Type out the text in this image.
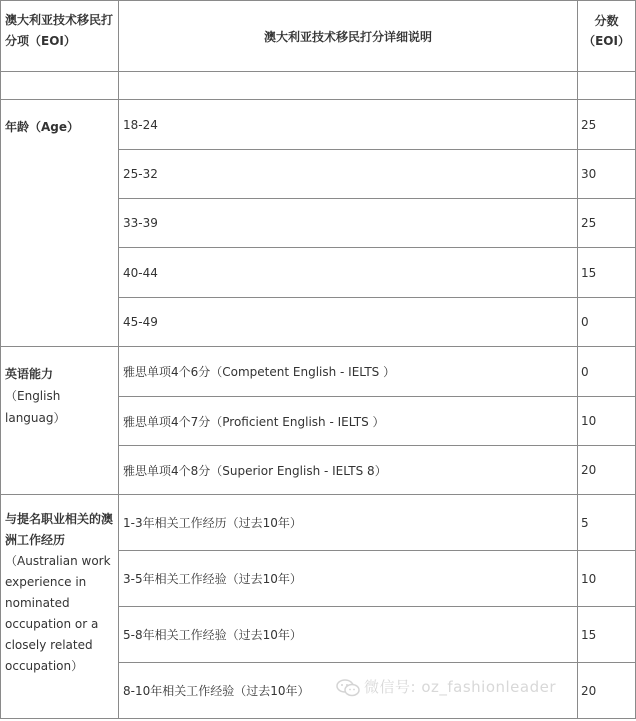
澳大利亚技术移民打分项（EOI）	澳大利亚技术移民打分详细说明	分数（EOI）

年龄（Age）	18-24	25
	25-32	30
	33-39	25
	40-44	15
	45-49	0
英语能力
（English languag）	雅思单项4个6分（Competent English - IELTS ）	0
	雅思单项4个7分（Proficient English - IELTS ）	10
	雅思单项4个8分（Superior English - IELTS 8）	20
与提名职业相关的澳洲工作经历
（Australian work experience in nominated occupation or a closely related occupation）	1-3年相关工作经历（过去10年）	5
	3-5年相关工作经验（过去10年）	10
	5-8年相关工作经验（过去10年）	15
	8-10年相关工作经验（过去10年）	20
微信号: oz_fashionleader
